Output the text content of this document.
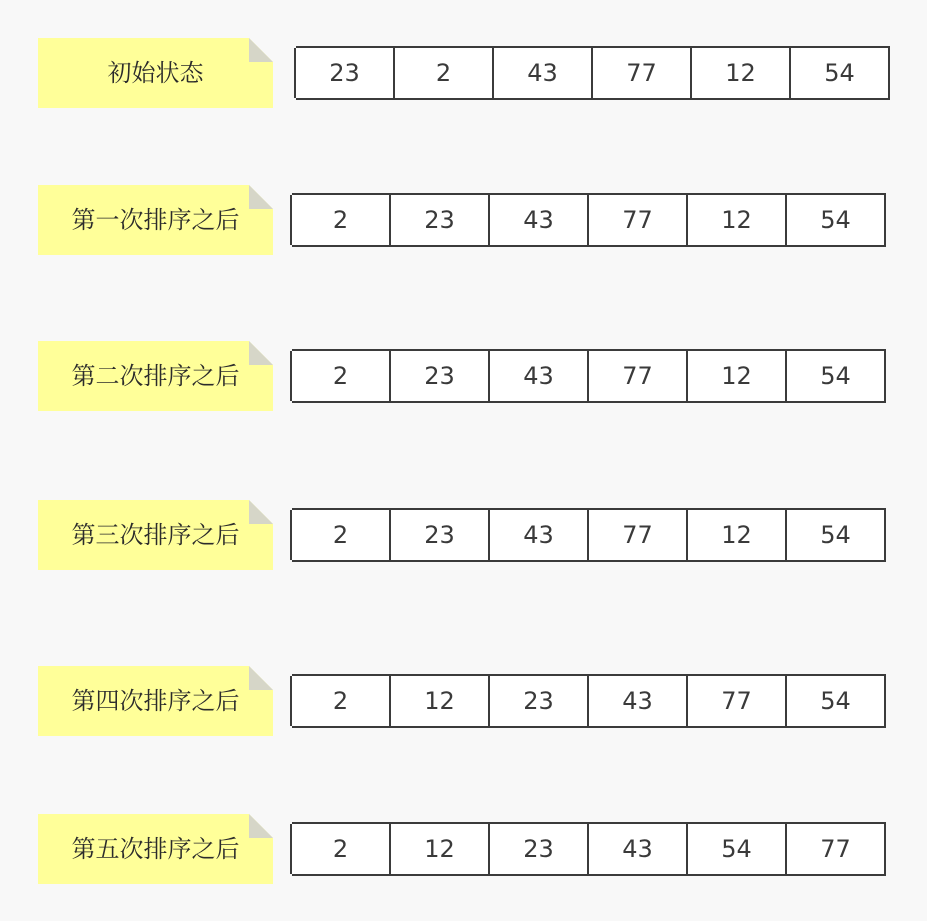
初始状态	23	2	43	77	12	54
第一次排序之后	2	23	43	77	12	54
第二次排序之后	2	23	43	77	12	54
第三次排序之后	2	23	43	77	12	54
第四次排序之后	2	12	23	43	77	54
第五次排序之后	2	12	23	43	54	77
